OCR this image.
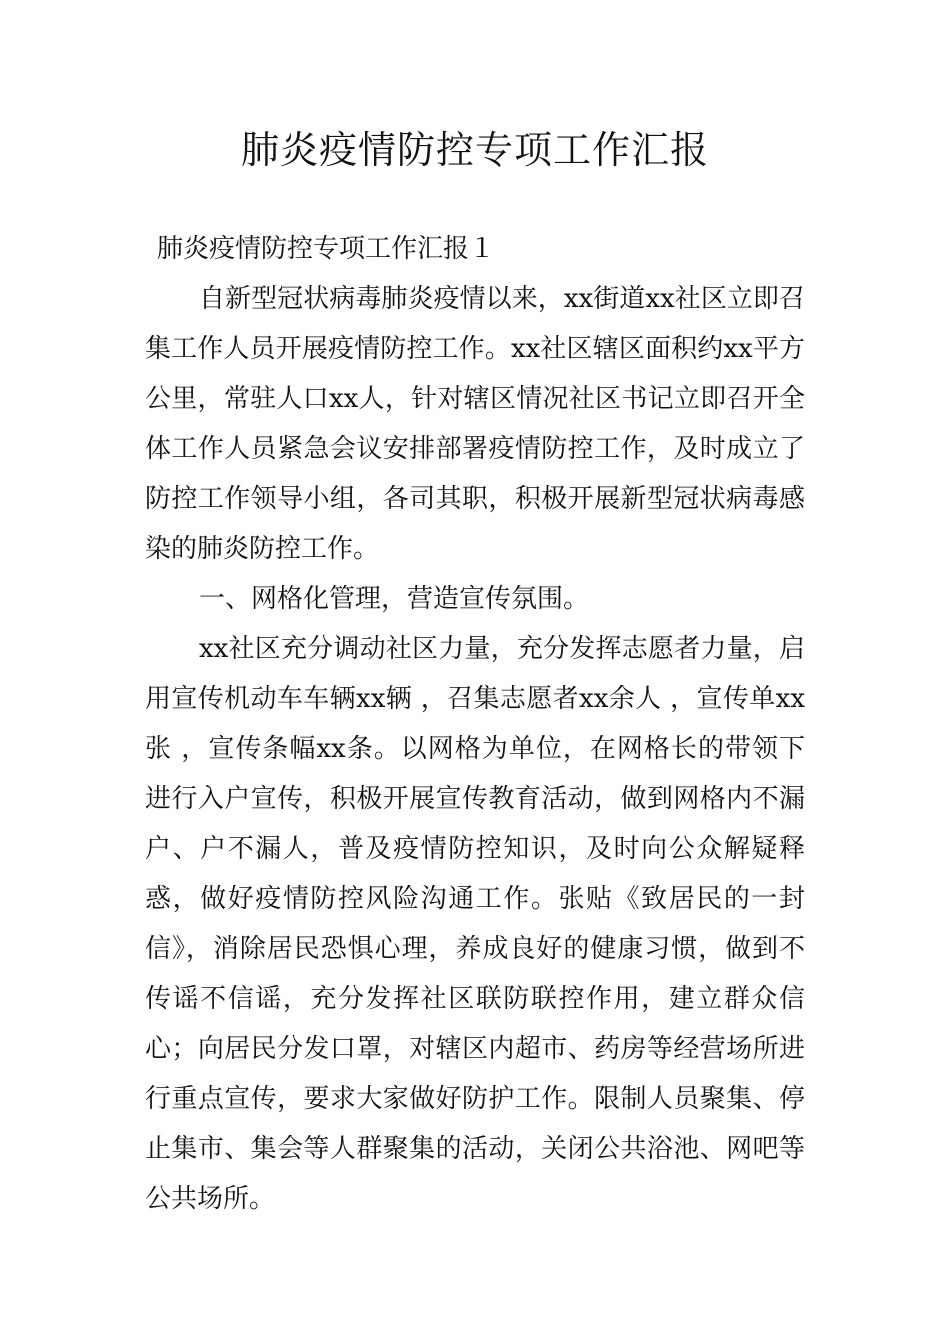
肺炎疫情防控专项工作汇报

肺炎疫情防控专项工作汇报１

自新型冠状病毒肺炎疫情以来，xx街道xx社区立即召集工作人员开展疫情防控工作。xx社区辖区面积约xx平方公里，常驻人口xx人，针对辖区情况社区书记立即召开全体工作人员紧急会议安排部署疫情防控工作，及时成立了防控工作领导小组，各司其职，积极开展新型冠状病毒感染的肺炎防控工作。

一、网格化管理，营造宣传氛围。

xx社区充分调动社区力量，充分发挥志愿者力量，启用宣传机动车车辆xx辆 ，召集志愿者xx余人 ，宣传单xx张 ，宣传条幅xx条。以网格为单位，在网格长的带领下进行入户宣传，积极开展宣传教育活动，做到网格内不漏户、户不漏人，普及疫情防控知识，及时向公众解疑释惑，做好疫情防控风险沟通工作。张贴《致居民的一封信》，消除居民恐惧心理，养成良好的健康习惯，做到不传谣不信谣，充分发挥社区联防联控作用，建立群众信心；向居民分发口罩，对辖区内超市、药房等经营场所进行重点宣传，要求大家做好防护工作。限制人员聚集、停止集市、集会等人群聚集的活动，关闭公共浴池、网吧等公共场所。
